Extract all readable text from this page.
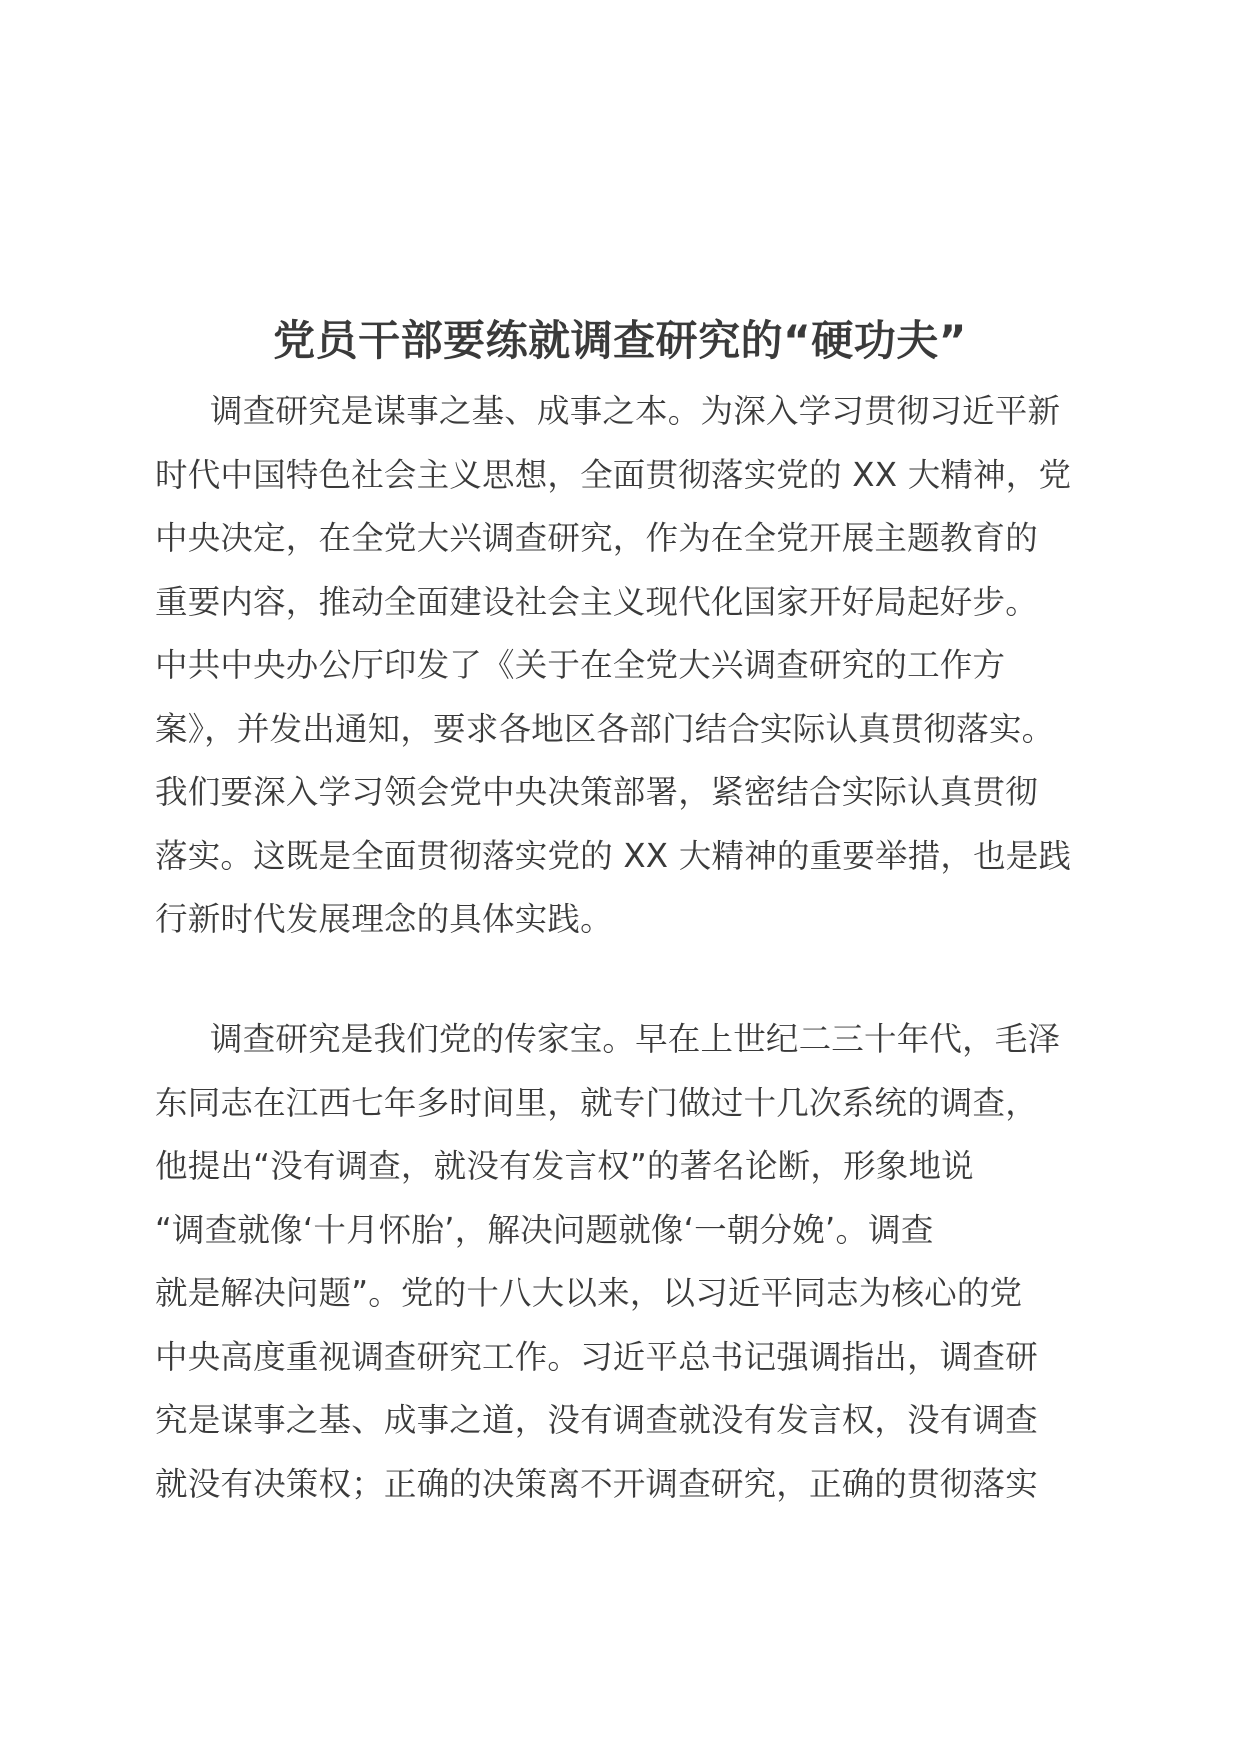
党员干部要练就调查研究的“硬功夫”
调查研究是谋事之基、成事之本。为深入学习贯彻习近平新
时代中国特色社会主义思想，全面贯彻落实党的 XX 大精神，党
中央决定，在全党大兴调查研究，作为在全党开展主题教育的
重要内容，推动全面建设社会主义现代化国家开好局起好步。
中共中央办公厅印发了《关于在全党大兴调查研究的工作方
案》，并发出通知，要求各地区各部门结合实际认真贯彻落实。
我们要深入学习领会党中央决策部署，紧密结合实际认真贯彻
落实。这既是全面贯彻落实党的 XX 大精神的重要举措，也是践
行新时代发展理念的具体实践。
调查研究是我们党的传家宝。早在上世纪二三十年代，毛泽
东同志在江西七年多时间里，就专门做过十几次系统的调查，
他提出“没有调查，就没有发言权”的著名论断，形象地说
“调查就像‘十月怀胎’，解决问题就像‘一朝分娩’。调查
就是解决问题”。党的十八大以来，以习近平同志为核心的党
中央高度重视调查研究工作。习近平总书记强调指出，调查研
究是谋事之基、成事之道，没有调查就没有发言权，没有调查
就没有决策权；正确的决策离不开调查研究，正确的贯彻落实
